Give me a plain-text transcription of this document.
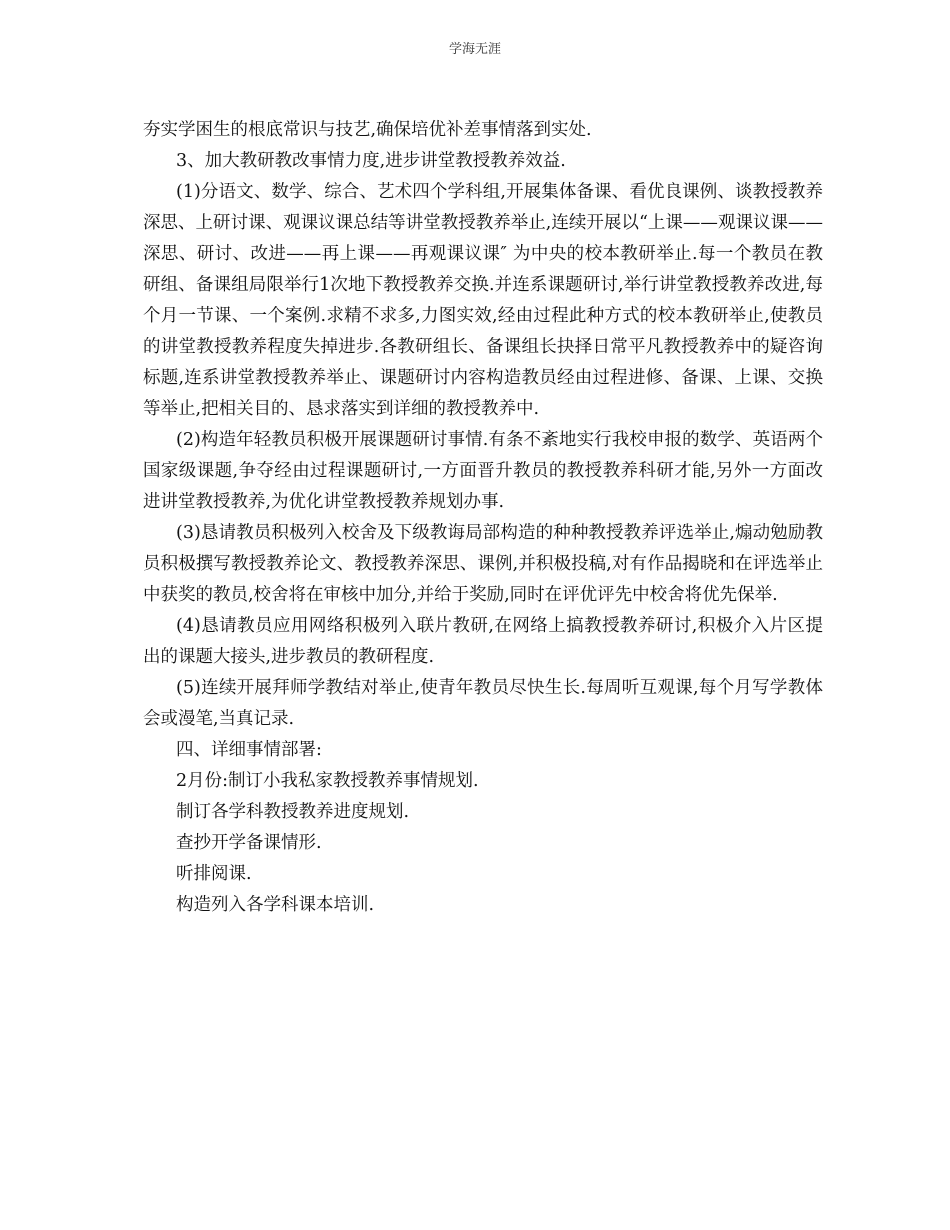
学海无涯

夯实学困生的根底常识与技艺,确保培优补差事情落到实处.

3、加大教研教改事情力度,进步讲堂教授教养效益.

(1)分语文、数学、综合、艺术四个学科组,开展集体备课、看优良课例、谈教授教养深思、上研讨课、观课议课总结等讲堂教授教养举止,连续开展以“上课——观课议课——深思、研讨、改进——再上课——再观课议课″ 为中央的校本教研举止.每一个教员在教研组、备课组局限举行1次地下教授教养交换.并连系课题研讨,举行讲堂教授教养改进,每个月一节课、一个案例.求精不求多,力图实效,经由过程此种方式的校本教研举止,使教员的讲堂教授教养程度失掉进步.各教研组长、备课组长抉择日常平凡教授教养中的疑咨询标题,连系讲堂教授教养举止、课题研讨内容构造教员经由过程进修、备课、上课、交换等举止,把相关目的、恳求落实到详细的教授教养中.

(2)构造年轻教员积极开展课题研讨事情.有条不紊地实行我校申报的数学、英语两个国家级课题,争夺经由过程课题研讨,一方面晋升教员的教授教养科研才能,另外一方面改进讲堂教授教养,为优化讲堂教授教养规划办事.

(3)恳请教员积极列入校舍及下级教诲局部构造的种种教授教养评选举止,煽动勉励教员积极撰写教授教养论文、教授教养深思、课例,并积极投稿,对有作品揭晓和在评选举止中获奖的教员,校舍将在审核中加分,并给于奖励,同时在评优评先中校舍将优先保举.

(4)恳请教员应用网络积极列入联片教研,在网络上搞教授教养研讨,积极介入片区提出的课题大接头,进步教员的教研程度.

(5)连续开展拜师学教结对举止,使青年教员尽快生长.每周听互观课,每个月写学教体会或漫笔,当真记录.

四、详细事情部署:

2月份:制订小我私家教授教养事情规划.

制订各学科教授教养进度规划.

查抄开学备课情形.

听排阅课.

构造列入各学科课本培训.
